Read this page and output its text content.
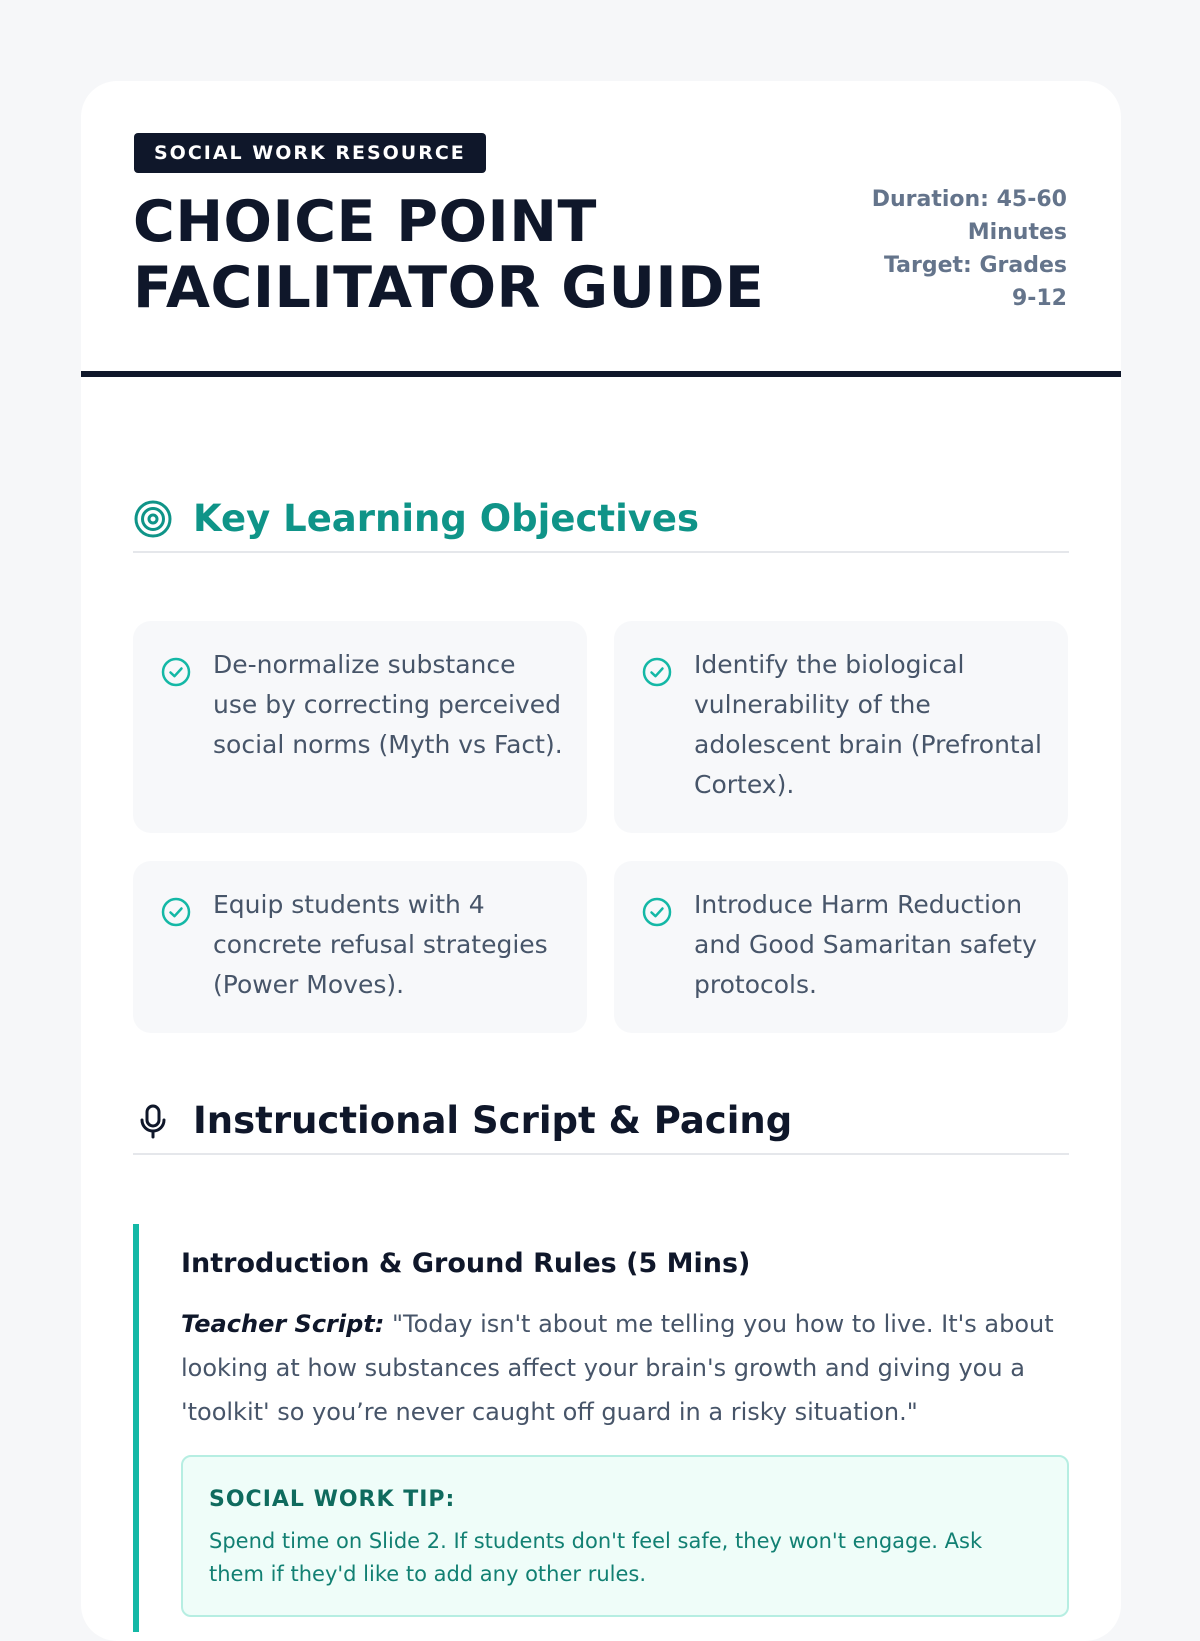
SOCIAL WORK RESOURCE
CHOICE POINT
FACILITATOR GUIDE
Duration: 45-60 Minutes
Target: Grades 9-12
Key Learning Objectives
De-normalize substance use by correcting perceived social norms (Myth vs Fact).
Identify the biological vulnerability of the adolescent brain (Prefrontal Cortex).
Equip students with 4 concrete refusal strategies (Power Moves).
Introduce Harm Reduction and Good Samaritan safety protocols.
Instructional Script & Pacing
Introduction & Ground Rules (5 Mins)
Teacher Script: "Today isn't about me telling you how to live. It's about looking at how substances affect your brain's growth and giving you a 'toolkit' so you’re never caught off guard in a risky situation."
SOCIAL WORK TIP:
Spend time on Slide 2. If students don't feel safe, they won't engage. Ask them if they'd like to add any other rules.
